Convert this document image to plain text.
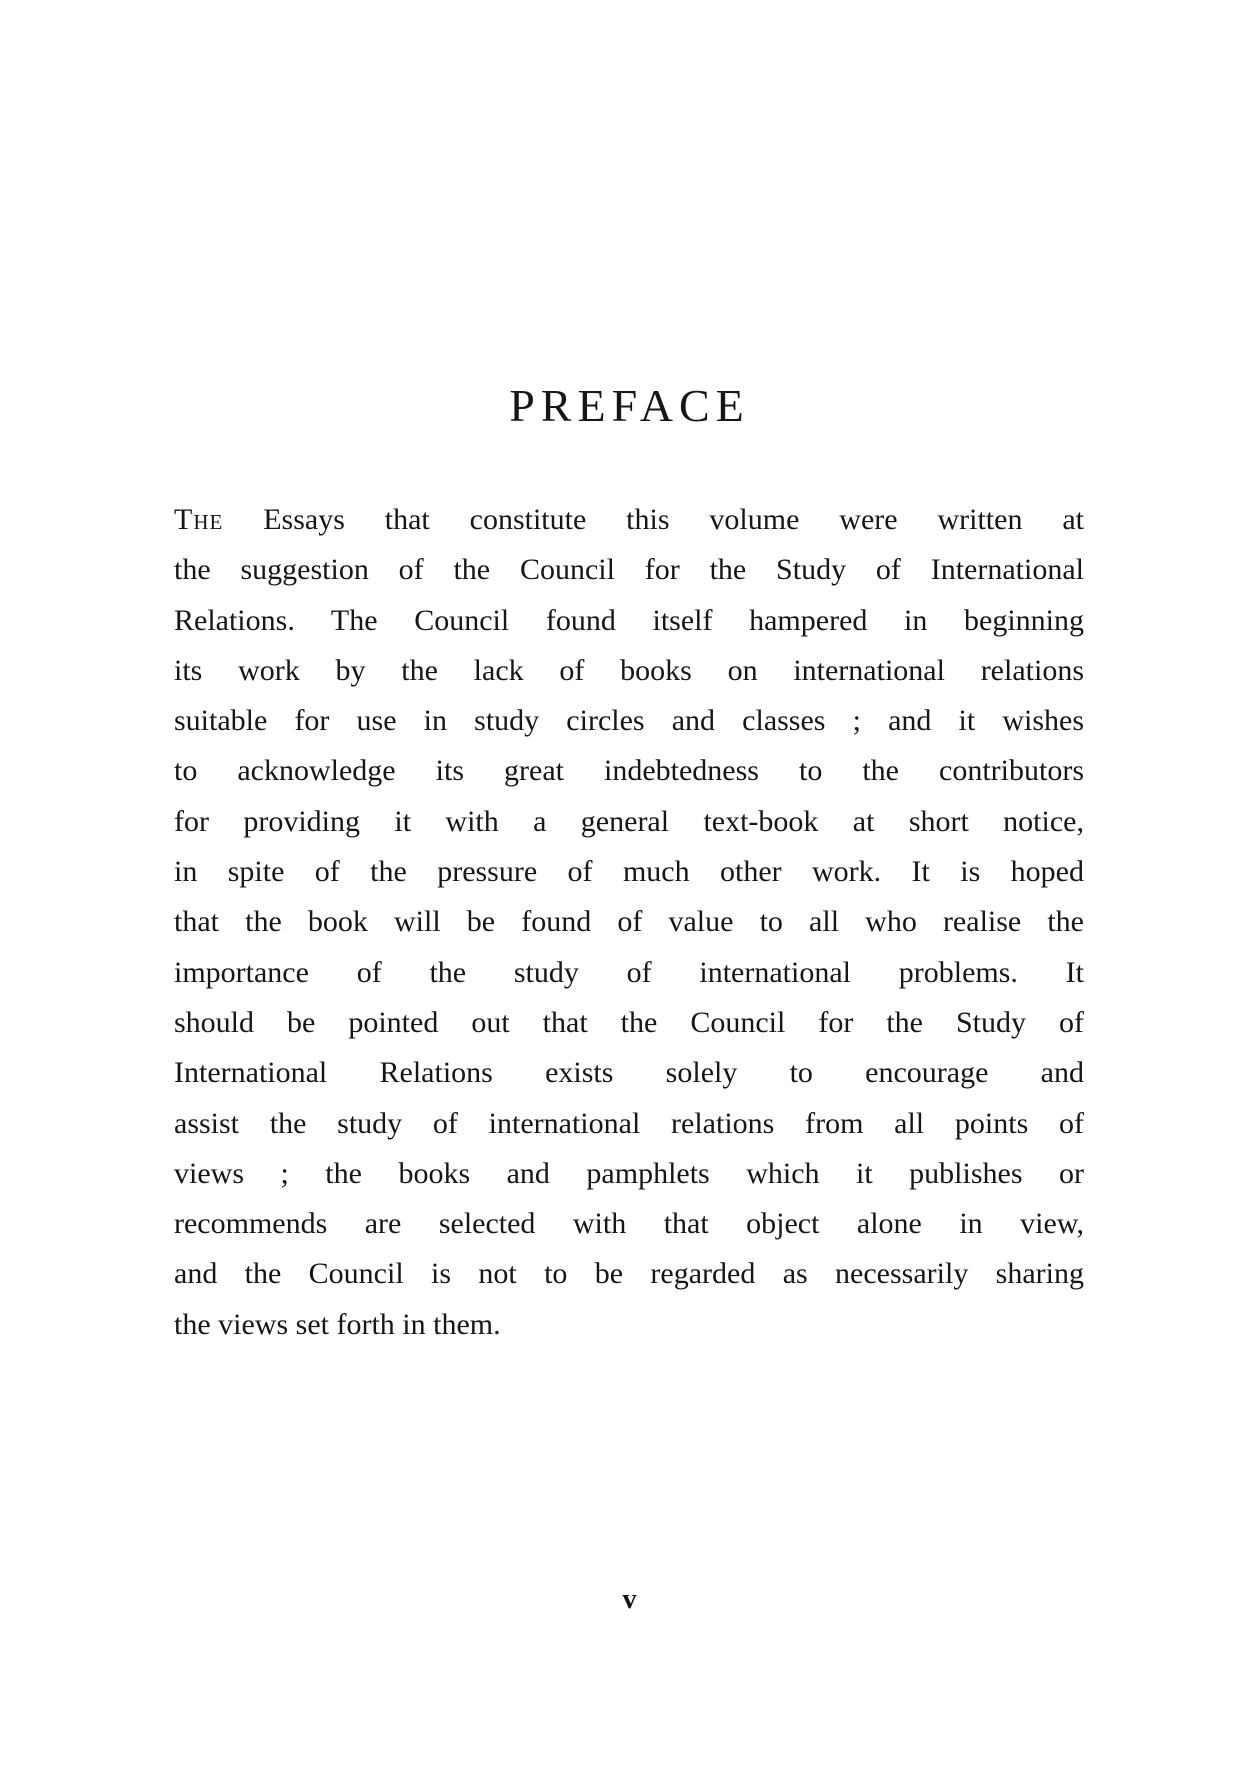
PREFACE
The Essays that constitute this volume were written at
the suggestion of the Council for the Study of International
Relations. The Council found itself hampered in beginning
its work by the lack of books on international relations
suitable for use in study circles and classes ; and it wishes
to acknowledge its great indebtedness to the contributors
for providing it with a general text-book at short notice,
in spite of the pressure of much other work. It is hoped
that the book will be found of value to all who realise the
importance of the study of international problems. It
should be pointed out that the Council for the Study of
International Relations exists solely to encourage and
assist the study of international relations from all points of
views ; the books and pamphlets which it publishes or
recommends are selected with that object alone in view,
and the Council is not to be regarded as necessarily sharing
the views set forth in them.
v
